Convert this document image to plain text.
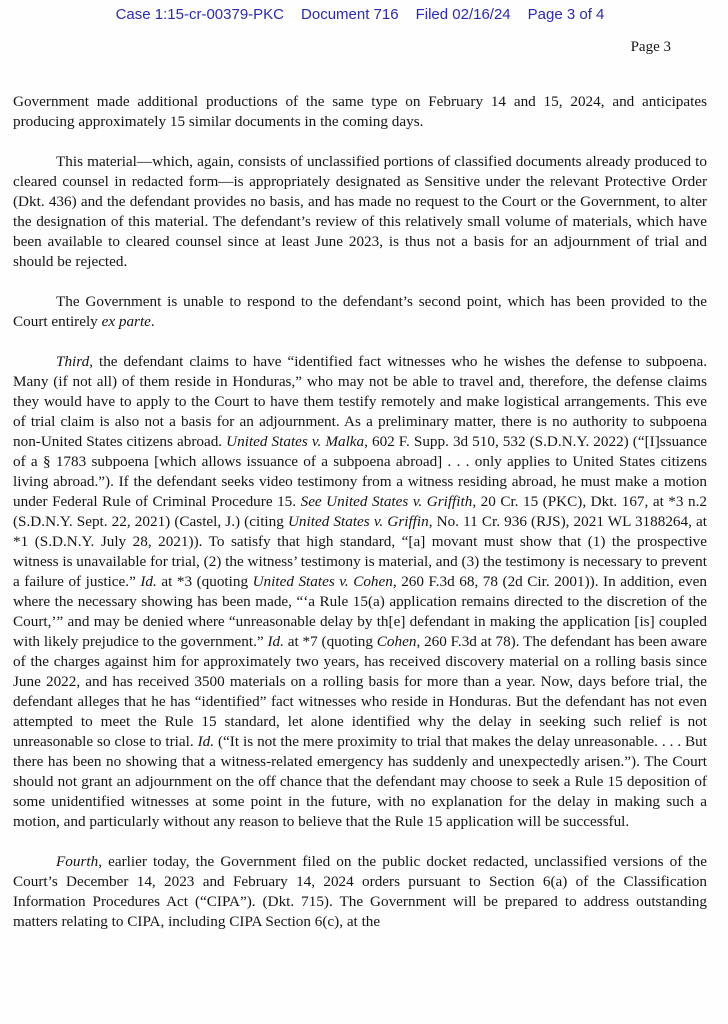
Case 1:15-cr-00379-PKC Document 716 Filed 02/16/24 Page 3 of 4
Page 3

Government made additional productions of the same type on February 14 and 15, 2024, and anticipates producing approximately 15 similar documents in the coming days.

This material—which, again, consists of unclassified portions of classified documents already produced to cleared counsel in redacted form—is appropriately designated as Sensitive under the relevant Protective Order (Dkt. 436) and the defendant provides no basis, and has made no request to the Court or the Government, to alter the designation of this material. The defendant’s review of this relatively small volume of materials, which have been available to cleared counsel since at least June 2023, is thus not a basis for an adjournment of trial and should be rejected.

The Government is unable to respond to the defendant’s second point, which has been provided to the Court entirely ex parte.

Third, the defendant claims to have “identified fact witnesses who he wishes the defense to subpoena. Many (if not all) of them reside in Honduras,” who may not be able to travel and, therefore, the defense claims they would have to apply to the Court to have them testify remotely and make logistical arrangements. This eve of trial claim is also not a basis for an adjournment. As a preliminary matter, there is no authority to subpoena non-United States citizens abroad. United States v. Malka, 602 F. Supp. 3d 510, 532 (S.D.N.Y. 2022) (“[I]ssuance of a § 1783 subpoena [which allows issuance of a subpoena abroad] . . . only applies to United States citizens living abroad.”). If the defendant seeks video testimony from a witness residing abroad, he must make a motion under Federal Rule of Criminal Procedure 15. See United States v. Griffith, 20 Cr. 15 (PKC), Dkt. 167, at *3 n.2 (S.D.N.Y. Sept. 22, 2021) (Castel, J.) (citing United States v. Griffin, No. 11 Cr. 936 (RJS), 2021 WL 3188264, at *1 (S.D.N.Y. July 28, 2021)). To satisfy that high standard, “[a] movant must show that (1) the prospective witness is unavailable for trial, (2) the witness’ testimony is material, and (3) the testimony is necessary to prevent a failure of justice.” Id. at *3 (quoting United States v. Cohen, 260 F.3d 68, 78 (2d Cir. 2001)). In addition, even where the necessary showing has been made, “‘a Rule 15(a) application remains directed to the discretion of the Court,’” and may be denied where “unreasonable delay by th[e] defendant in making the application [is] coupled with likely prejudice to the government.” Id. at *7 (quoting Cohen, 260 F.3d at 78). The defendant has been aware of the charges against him for approximately two years, has received discovery material on a rolling basis since June 2022, and has received 3500 materials on a rolling basis for more than a year. Now, days before trial, the defendant alleges that he has “identified” fact witnesses who reside in Honduras. But the defendant has not even attempted to meet the Rule 15 standard, let alone identified why the delay in seeking such relief is not unreasonable so close to trial. Id. (“It is not the mere proximity to trial that makes the delay unreasonable. . . . But there has been no showing that a witness-related emergency has suddenly and unexpectedly arisen.”). The Court should not grant an adjournment on the off chance that the defendant may choose to seek a Rule 15 deposition of some unidentified witnesses at some point in the future, with no explanation for the delay in making such a motion, and particularly without any reason to believe that the Rule 15 application will be successful.

Fourth, earlier today, the Government filed on the public docket redacted, unclassified versions of the Court’s December 14, 2023 and February 14, 2024 orders pursuant to Section 6(a) of the Classification Information Procedures Act (“CIPA”). (Dkt. 715). The Government will be prepared to address outstanding matters relating to CIPA, including CIPA Section 6(c), at the
